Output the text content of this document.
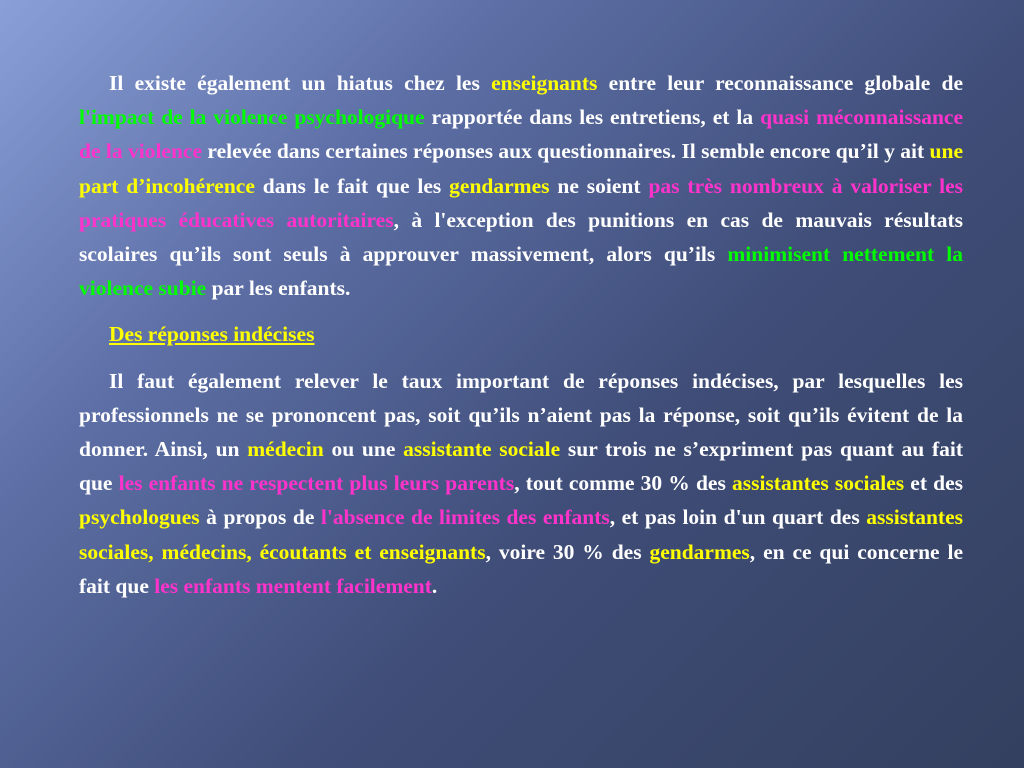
Il existe également un hiatus chez les enseignants entre leur reconnaissance globale de l'impact de la violence psychologique rapportée dans les entretiens, et la quasi méconnaissance de la violence relevée dans certaines réponses aux questionnaires. Il semble encore qu’il y ait une part d’incohérence dans le fait que les gendarmes ne soient pas très nombreux à valoriser les pratiques éducatives autoritaires, à l'exception des punitions en cas de mauvais résultats scolaires qu’ils sont seuls à approuver massivement, alors qu’ils minimisent nettement la violence subie par les enfants.

Des réponses indécises

Il faut également relever le taux important de réponses indécises, par lesquelles les professionnels ne se prononcent pas, soit qu’ils n’aient pas la réponse, soit qu’ils évitent de la donner. Ainsi, un médecin ou une assistante sociale sur trois ne s’expriment pas quant au fait que les enfants ne respectent plus leurs parents, tout comme 30 % des assistantes sociales et des psychologues à propos de l'absence de limites des enfants, et pas loin d'un quart des assistantes sociales, médecins, écoutants et enseignants, voire 30 % des gendarmes, en ce qui concerne le fait que les enfants mentent facilement.
